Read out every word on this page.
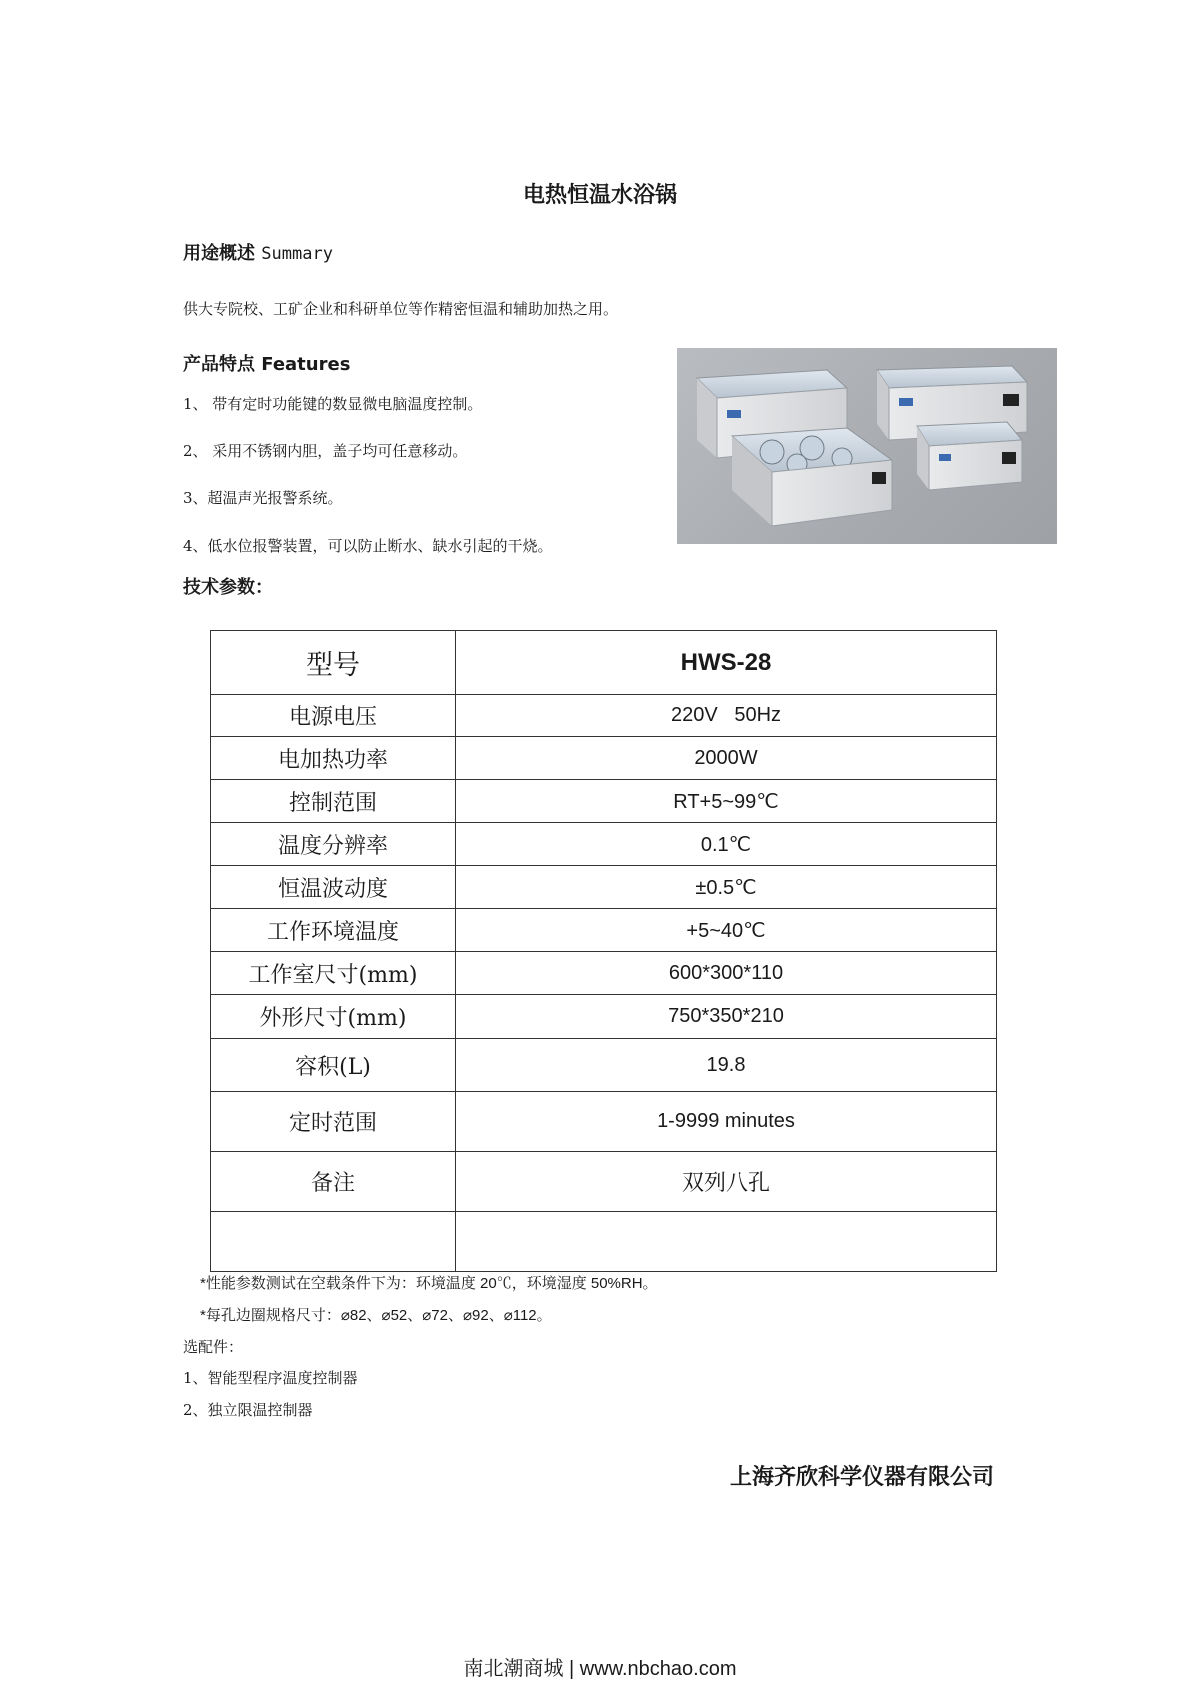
电热恒温水浴锅
用途概述 Summary
供大专院校、工矿企业和科研单位等作精密恒温和辅助加热之用。
产品特点 Features
1、 带有定时功能键的数显微电脑温度控制。
2、 采用不锈钢内胆，盖子均可任意移动。
3、超温声光报警系统。
4、低水位报警装置，可以防止断水、缺水引起的干烧。
技术参数：
型号	HWS-28
电源电压	220V   50Hz
电加热功率	2000W
控制范围	RT+5~99℃
温度分辨率	0.1℃
恒温波动度	±0.5℃
工作环境温度	+5~40℃
工作室尺寸(mm)	600*300*110
外形尺寸(mm)	750*350*210
容积(L)	19.8
定时范围	1-9999 minutes
备注	双列八孔

*性能参数测试在空载条件下为：环境温度 20℃，环境湿度 50%RH。
*每孔边圈规格尺寸：⌀82、⌀52、⌀72、⌀92、⌀112。
选配件：
1、智能型程序温度控制器
2、独立限温控制器
上海齐欣科学仪器有限公司
南北潮商城 | www.nbchao.com
